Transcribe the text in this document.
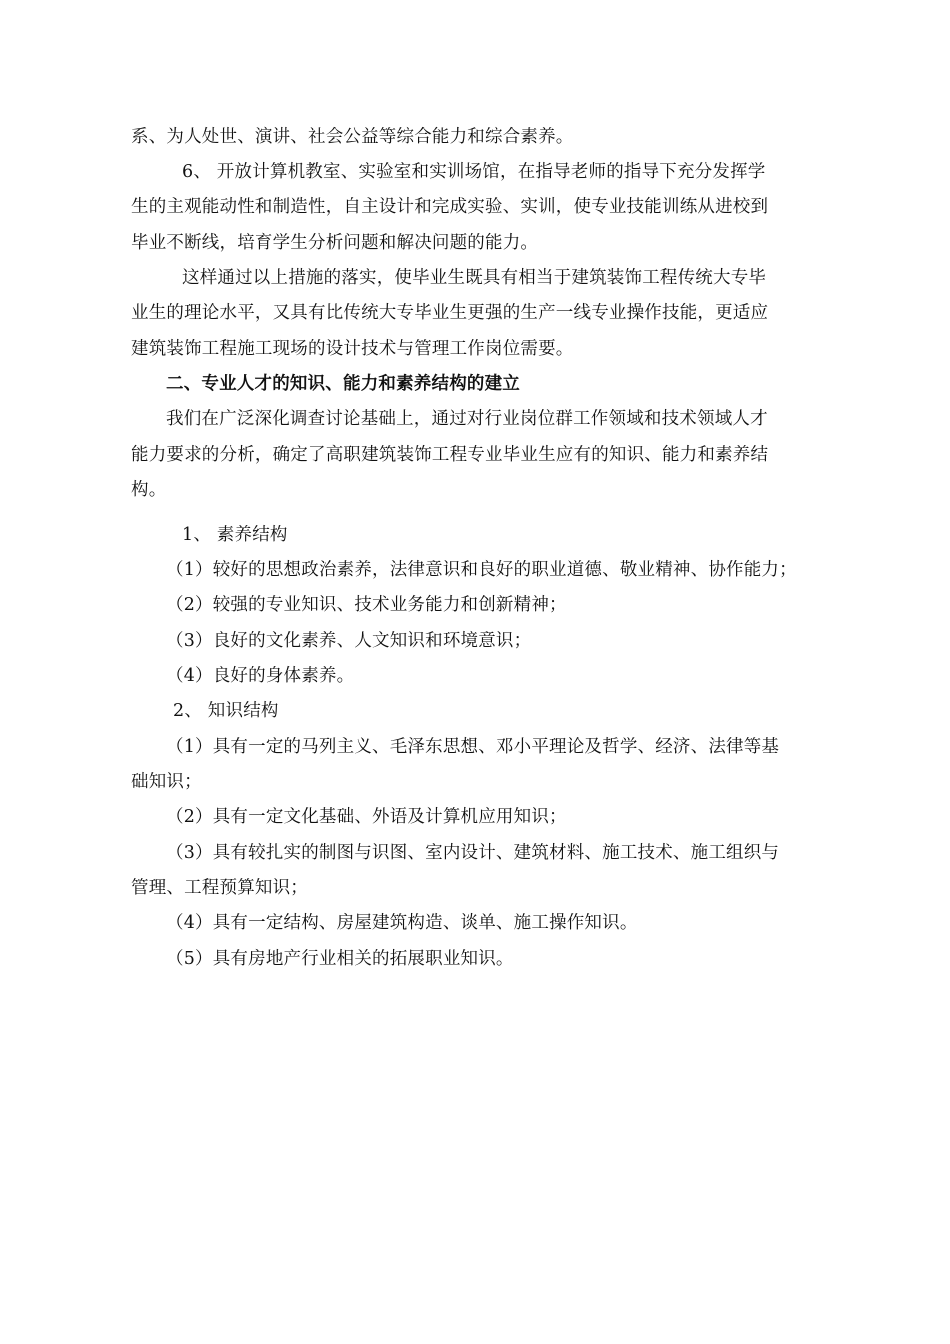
系、为人处世、演讲、社会公益等综合能力和综合素养。
6、 开放计算机教室、实验室和实训场馆，在指导老师的指导下充分发挥学
生的主观能动性和制造性，自主设计和完成实验、实训，使专业技能训练从进校到
毕业不断线，培育学生分析问题和解决问题的能力。
这样通过以上措施的落实，使毕业生既具有相当于建筑装饰工程传统大专毕
业生的理论水平，又具有比传统大专毕业生更强的生产一线专业操作技能，更适应
建筑装饰工程施工现场的设计技术与管理工作岗位需要。
二、专业人才的知识、能力和素养结构的建立
我们在广泛深化调查讨论基础上，通过对行业岗位群工作领域和技术领域人才
能力要求的分析，确定了高职建筑装饰工程专业毕业生应有的知识、能力和素养结
构。
1、 素养结构
（1）较好的思想政治素养，法律意识和良好的职业道德、敬业精神、协作能力；
（2）较强的专业知识、技术业务能力和创新精神；
（3）良好的文化素养、人文知识和环境意识；
（4）良好的身体素养。
2、 知识结构
（1）具有一定的马列主义、毛泽东思想、邓小平理论及哲学、经济、法律等基
础知识；
（2）具有一定文化基础、外语及计算机应用知识；
（3）具有较扎实的制图与识图、室内设计、建筑材料、施工技术、施工组织与
管理、工程预算知识；
（4）具有一定结构、房屋建筑构造、谈单、施工操作知识。
（5）具有房地产行业相关的拓展职业知识。
